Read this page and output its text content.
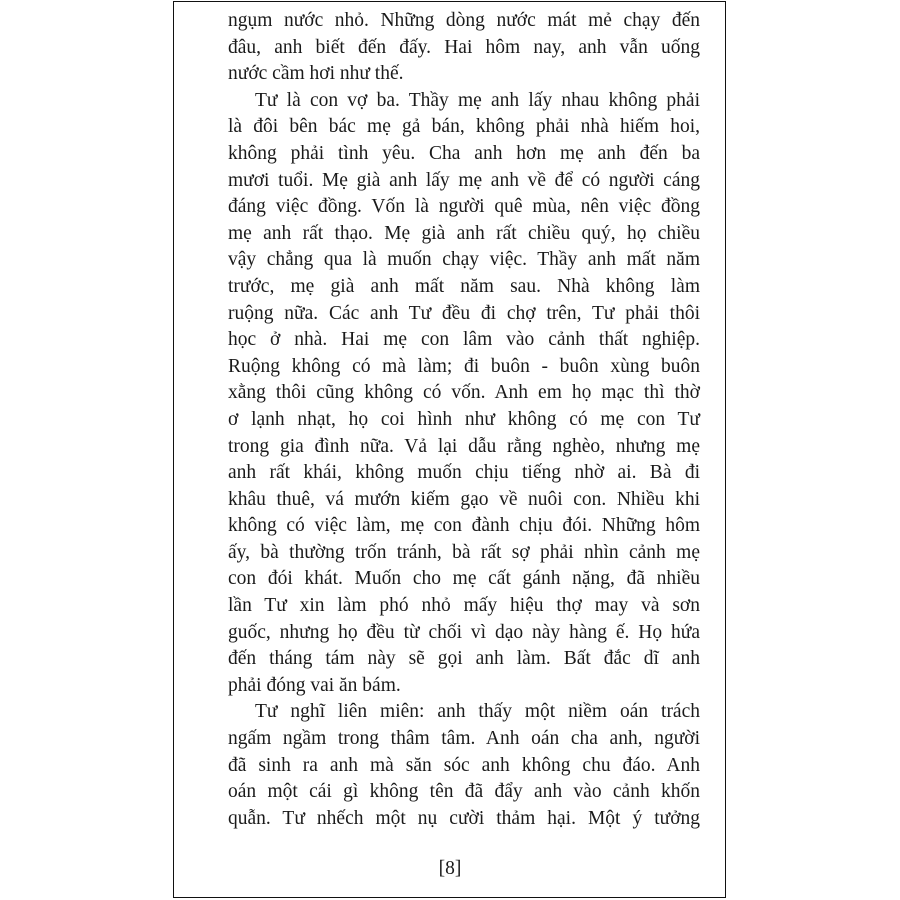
ngụm nước nhỏ. Những dòng nước mát mẻ chạy đến
đâu, anh biết đến đấy. Hai hôm nay, anh vẫn uống
nước cầm hơi như thế.
Tư là con vợ ba. Thầy mẹ anh lấy nhau không phải
là đôi bên bác mẹ gả bán, không phải nhà hiếm hoi,
không phải tình yêu. Cha anh hơn mẹ anh đến ba
mươi tuổi. Mẹ già anh lấy mẹ anh về để có người cáng
đáng việc đồng. Vốn là người quê mùa, nên việc đồng
mẹ anh rất thạo. Mẹ già anh rất chiều quý, họ chiều
vậy chẳng qua là muốn chạy việc. Thầy anh mất năm
trước, mẹ già anh mất năm sau. Nhà không làm
ruộng nữa. Các anh Tư đều đi chợ trên, Tư phải thôi
học ở nhà. Hai mẹ con lâm vào cảnh thất nghiệp.
Ruộng không có mà làm; đi buôn - buôn xùng buôn
xằng thôi cũng không có vốn. Anh em họ mạc thì thờ
ơ lạnh nhạt, họ coi hình như không có mẹ con Tư
trong gia đình nữa. Vả lại dẫu rằng nghèo, nhưng mẹ
anh rất khái, không muốn chịu tiếng nhờ ai. Bà đi
khâu thuê, vá mướn kiếm gạo về nuôi con. Nhiều khi
không có việc làm, mẹ con đành chịu đói. Những hôm
ấy, bà thường trốn tránh, bà rất sợ phải nhìn cảnh mẹ
con đói khát. Muốn cho mẹ cất gánh nặng, đã nhiều
lần Tư xin làm phó nhỏ mấy hiệu thợ may và sơn
guốc, nhưng họ đều từ chối vì dạo này hàng ế. Họ hứa
đến tháng tám này sẽ gọi anh làm. Bất đắc dĩ anh
phải đóng vai ăn bám.
Tư nghĩ liên miên: anh thấy một niềm oán trách
ngấm ngầm trong thâm tâm. Anh oán cha anh, người
đã sinh ra anh mà săn sóc anh không chu đáo. Anh
oán một cái gì không tên đã đẩy anh vào cảnh khốn
quẫn. Tư nhếch một nụ cười thảm hại. Một ý tưởng
[8]
